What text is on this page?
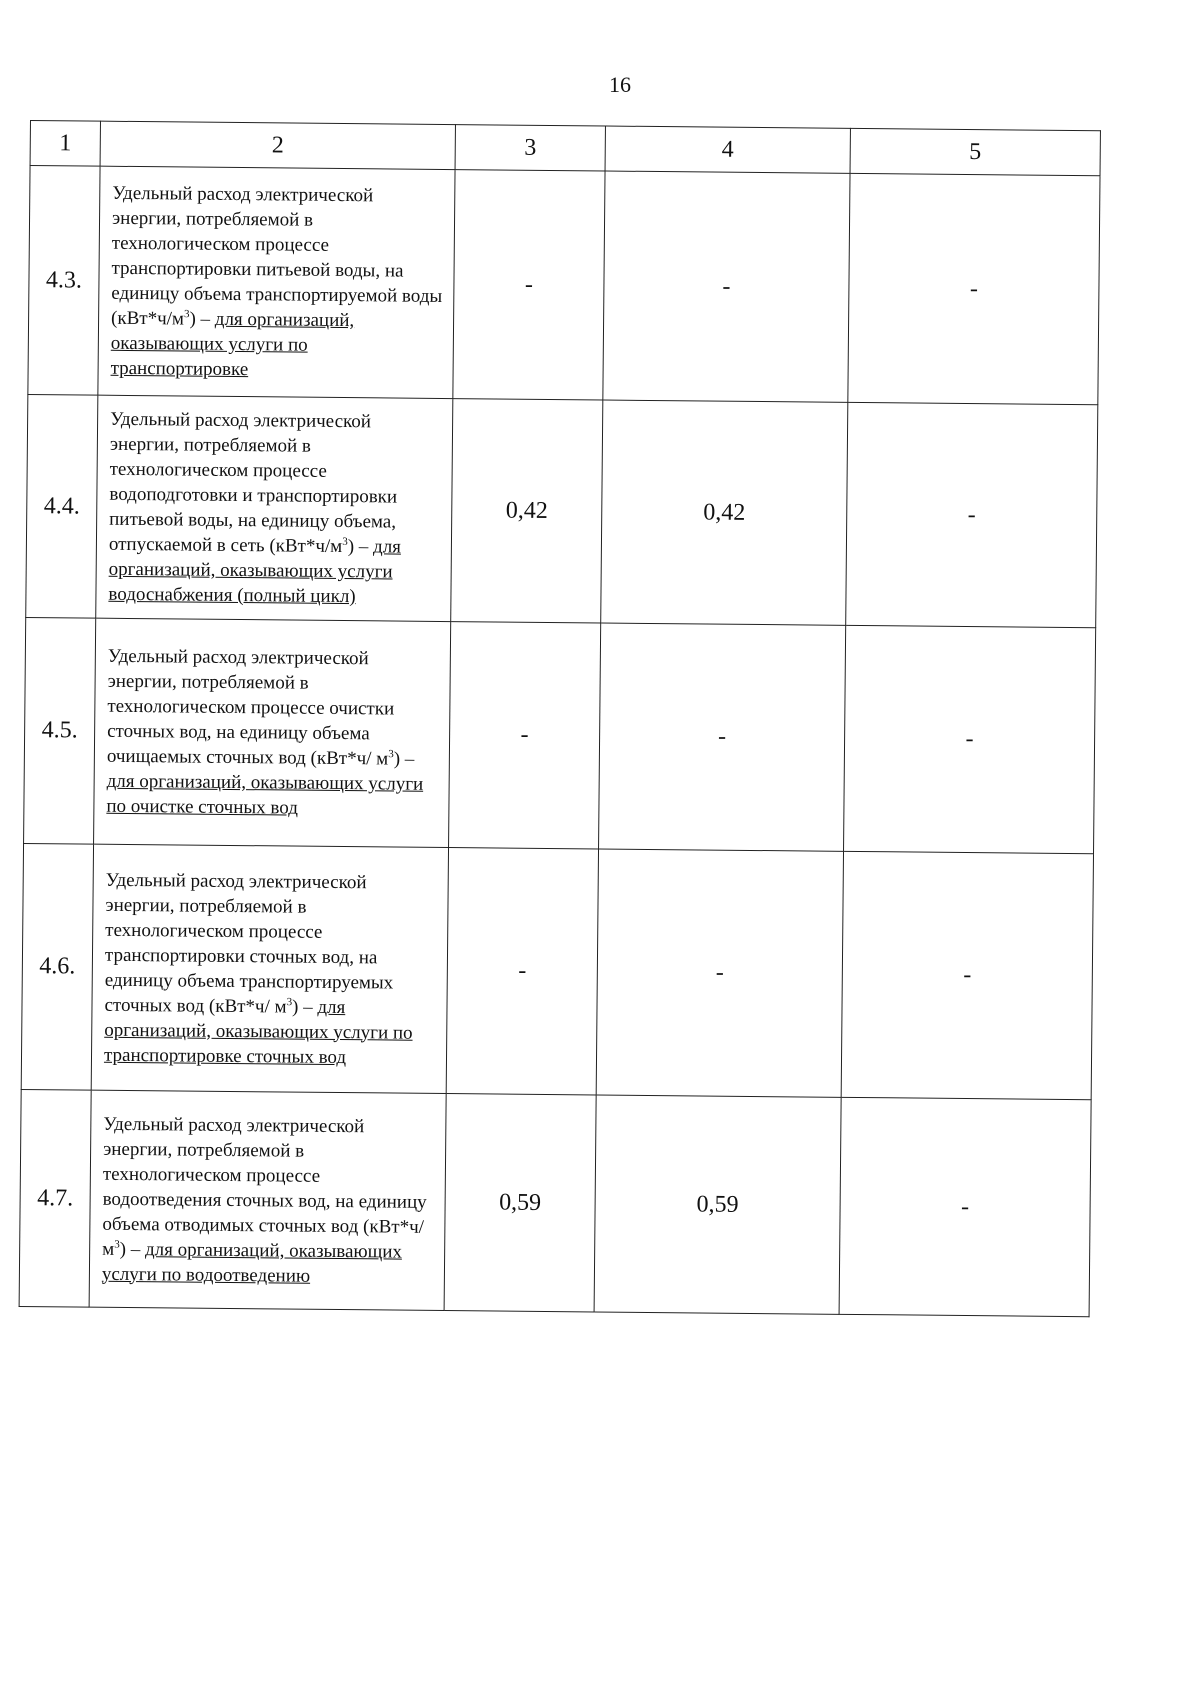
16
1	2	3	4	5
4.3.	Удельный расход электрической энергии, потребляемой в технологическом процессе транспортировки питьевой воды, на единицу объема транспортируемой воды $(кВт*ч/м^3)$ – для организаций, оказывающих услуги по транспортировке	-	-	-
4.4.	Удельный расход электрической энергии, потребляемой в технологическом процессе водоподготовки и транспортировки питьевой воды, на единицу объема, отпускаемой в сеть $(кВт*ч/м^3)$ – для организаций, оказывающих услуги водоснабжения (полный цикл)	0,42	0,42	-
4.5.	Удельный расход электрической энергии, потребляемой в технологическом процессе очистки сточных вод, на единицу объема очищаемых сточных вод (кВт*ч/ $м^3$) – для организаций, оказывающих услуги по очистке сточных вод	-	-	-
4.6.	Удельный расход электрической энергии, потребляемой в технологическом процессе транспортировки сточных вод, на единицу объема транспортируемых сточных вод (кВт*ч/ $м^3$) – для организаций, оказывающих услуги по транспортировке сточных вод	-	-	-
4.7.	Удельный расход электрической энергии, потребляемой в технологическом процессе водоотведения сточных вод, на единицу объема отводимых сточных вод (кВт*ч/ $м^3$) – для организаций, оказывающих услуги по водоотведению	0,59	0,59	-
